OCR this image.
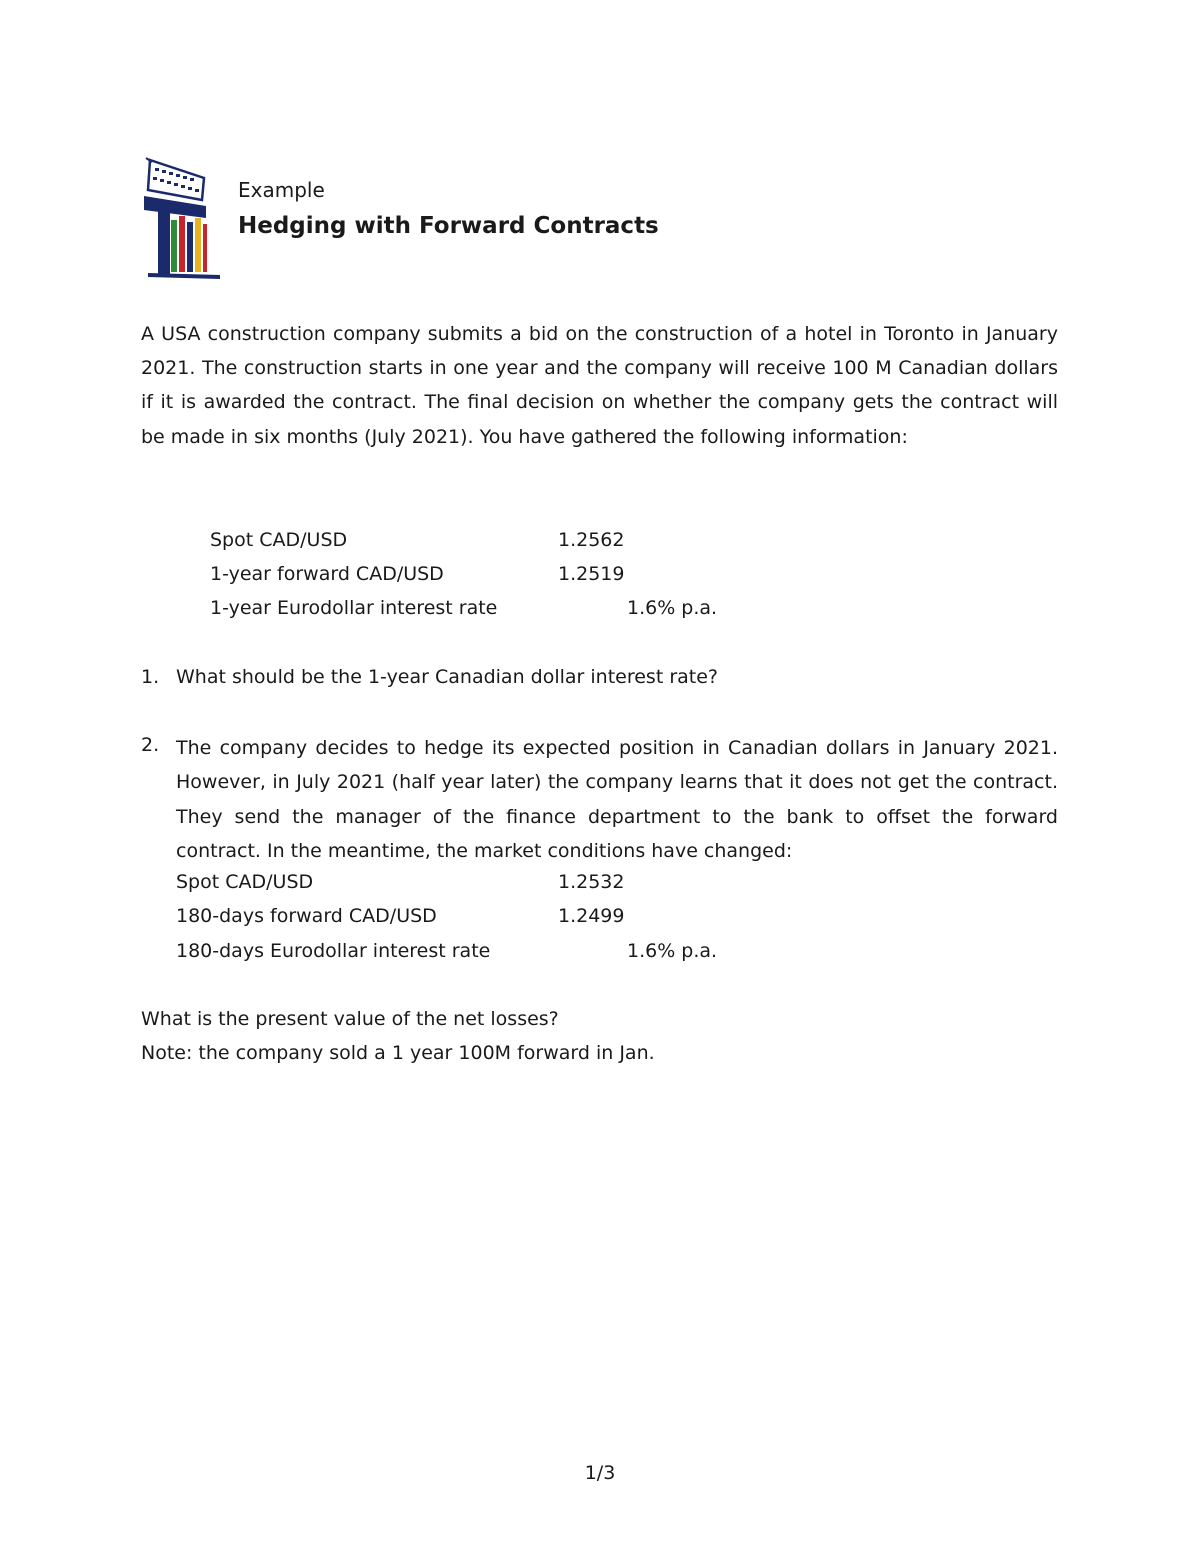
Example
Hedging with Forward Contracts

A USA construction company submits a bid on the construction of a hotel in Toronto in January 2021. The construction starts in one year and the company will receive 100 M Canadian dollars if it is awarded the contract. The final decision on whether the company gets the contract will be made in six months (July 2021). You have gathered the following information:

Spot CAD/USD	1.2562
1-year forward CAD/USD	1.2519
1-year Eurodollar interest rate	1.6% p.a.
1. What should be the 1-year Canadian dollar interest rate?
2. The company decides to hedge its expected position in Canadian dollars in January 2021. However, in July 2021 (half year later) the company learns that it does not get the contract. They send the manager of the finance department to the bank to offset the forward contract. In the meantime, the market conditions have changed:

Spot CAD/USD	1.2532
180-days forward CAD/USD	1.2499
180-days Eurodollar interest rate	1.6% p.a.
What is the present value of the net losses?
Note: the company sold a 1 year 100M forward in Jan.
1/3
